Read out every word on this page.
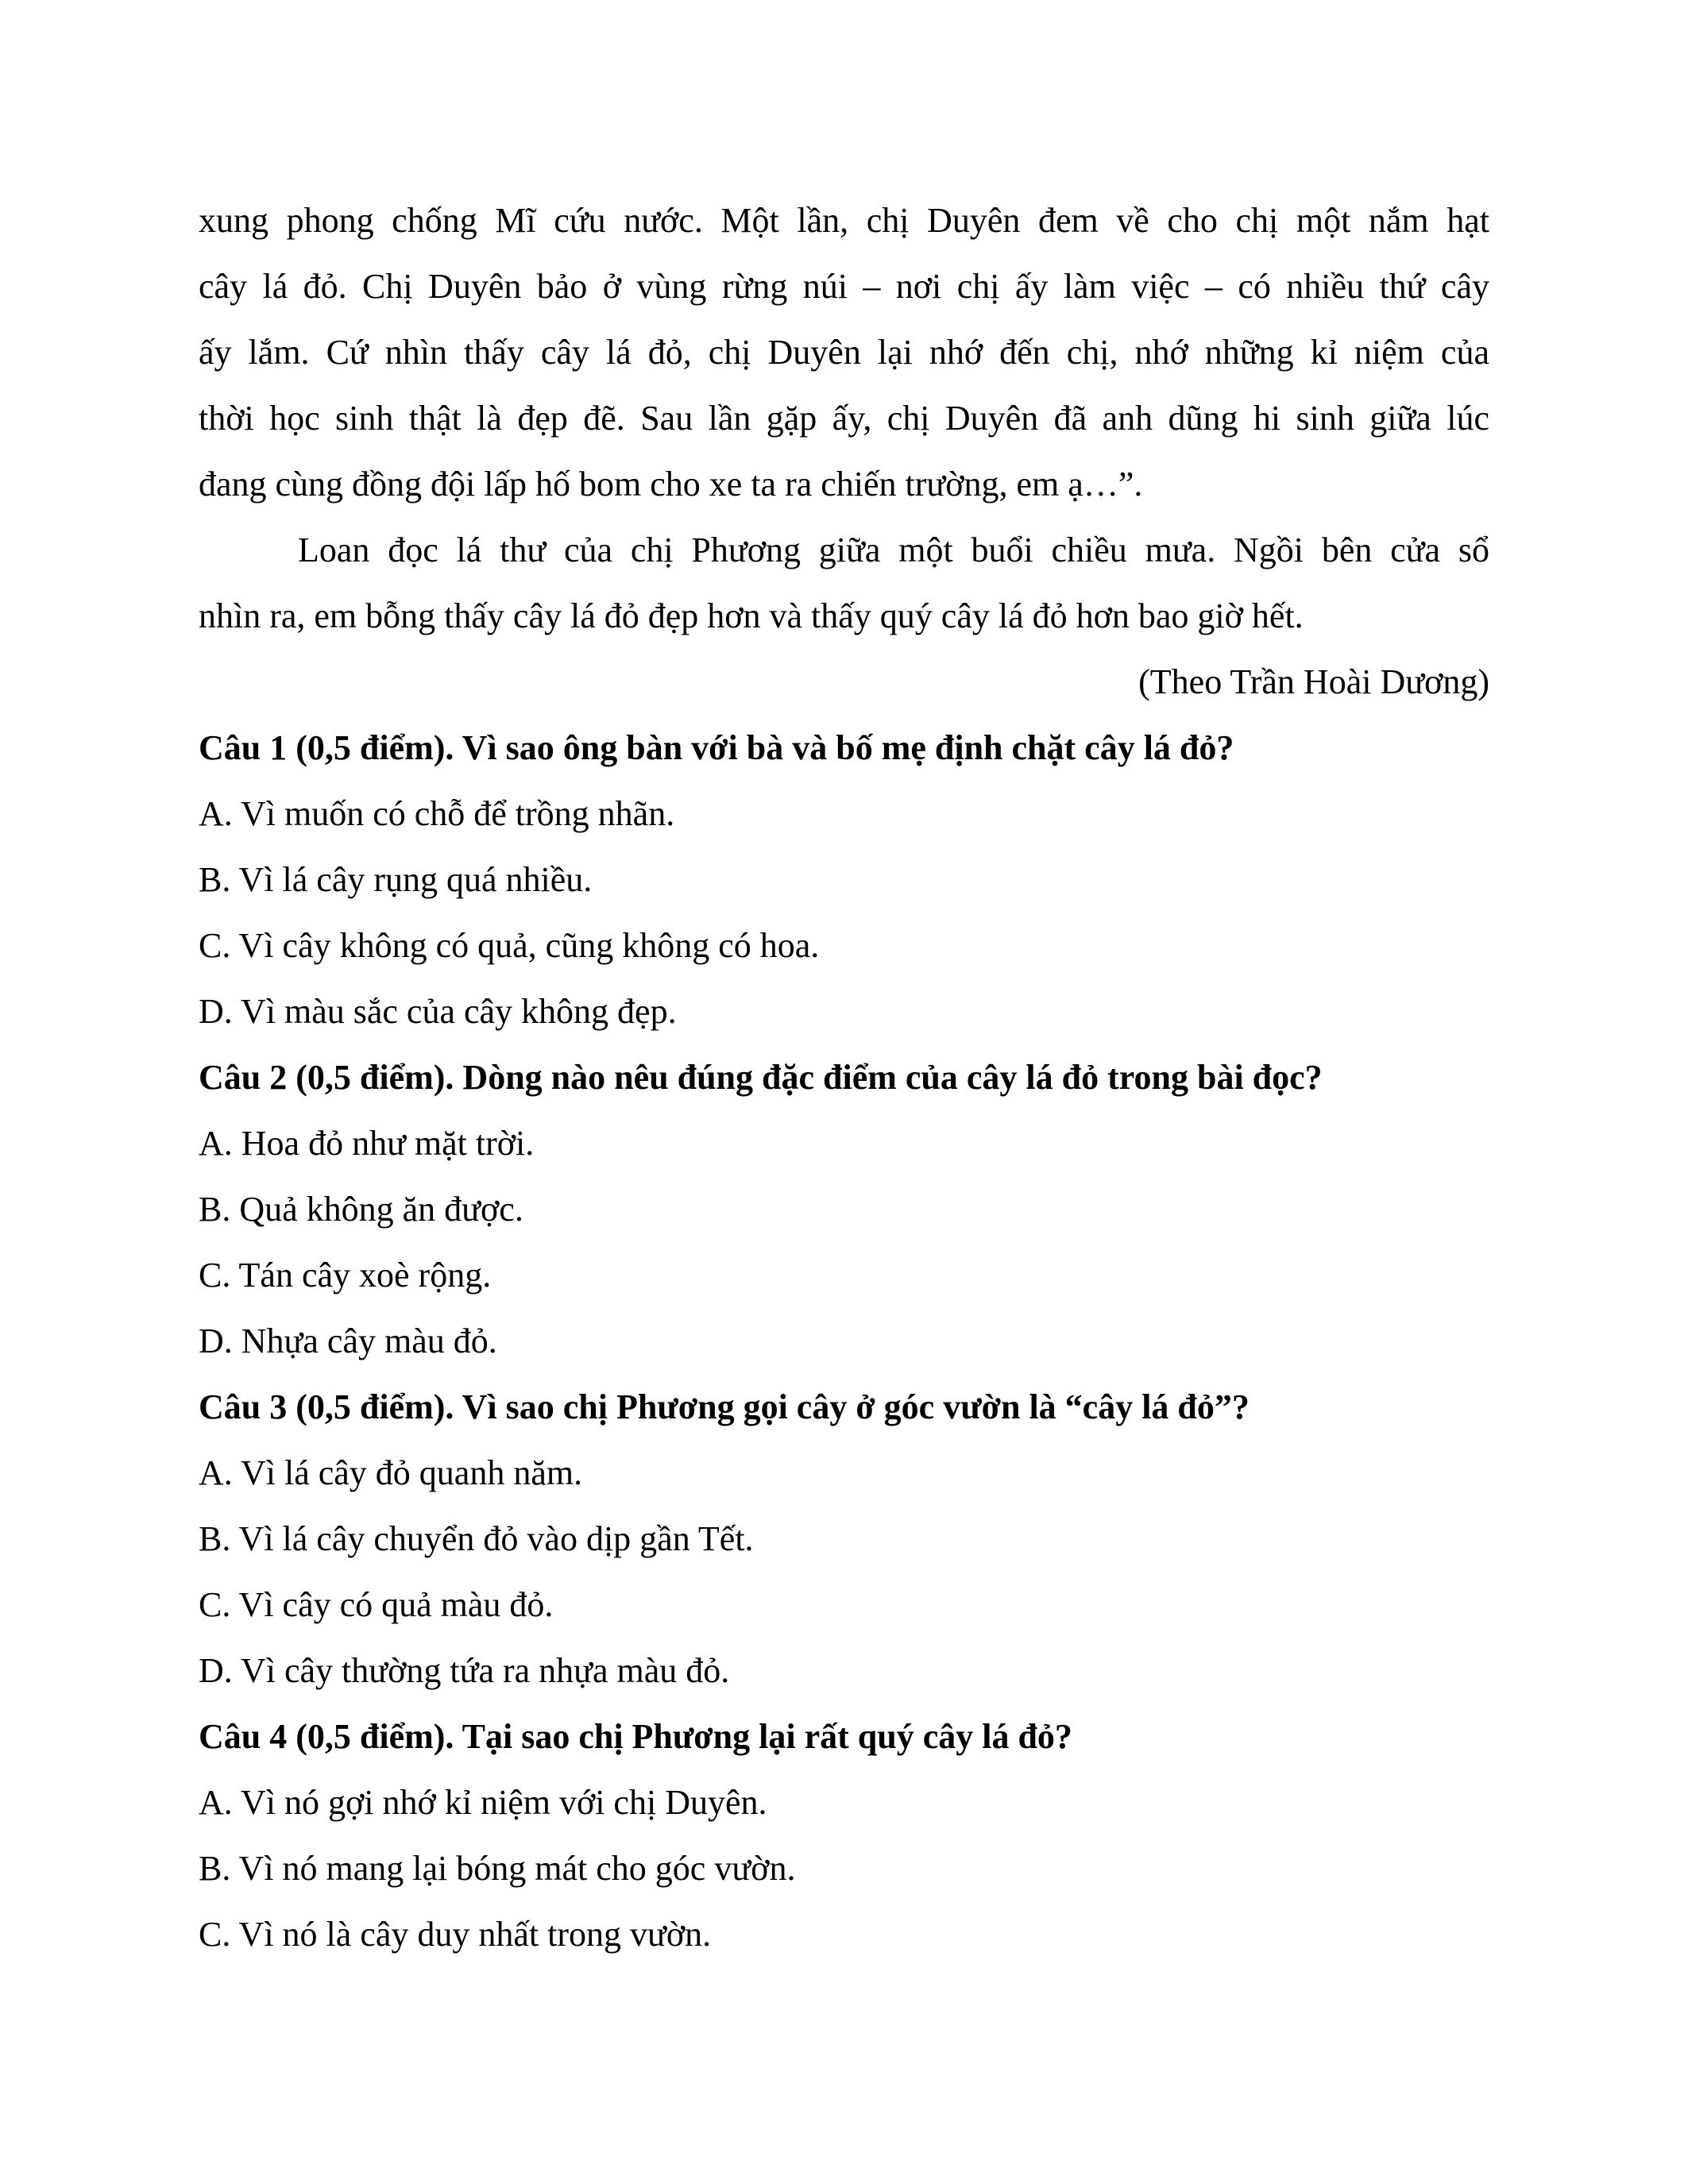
xung phong chống Mĩ cứu nước. Một lần, chị Duyên đem về cho chị một nắm hạt
cây lá đỏ. Chị Duyên bảo ở vùng rừng núi – nơi chị ấy làm việc – có nhiều thứ cây
ấy lắm. Cứ nhìn thấy cây lá đỏ, chị Duyên lại nhớ đến chị, nhớ những kỉ niệm của
thời học sinh thật là đẹp đẽ. Sau lần gặp ấy, chị Duyên đã anh dũng hi sinh giữa lúc
đang cùng đồng đội lấp hố bom cho xe ta ra chiến trường, em ạ…”.
Loan đọc lá thư của chị Phương giữa một buổi chiều mưa. Ngồi bên cửa sổ
nhìn ra, em bỗng thấy cây lá đỏ đẹp hơn và thấy quý cây lá đỏ hơn bao giờ hết.
(Theo Trần Hoài Dương)
Câu 1 (0,5 điểm). Vì sao ông bàn với bà và bố mẹ định chặt cây lá đỏ?
A. Vì muốn có chỗ để trồng nhãn.
B. Vì lá cây rụng quá nhiều.
C. Vì cây không có quả, cũng không có hoa.
D. Vì màu sắc của cây không đẹp.
Câu 2 (0,5 điểm). Dòng nào nêu đúng đặc điểm của cây lá đỏ trong bài đọc?
A. Hoa đỏ như mặt trời.
B. Quả không ăn được.
C. Tán cây xoè rộng.
D. Nhựa cây màu đỏ.
Câu 3 (0,5 điểm). Vì sao chị Phương gọi cây ở góc vườn là “cây lá đỏ”?
A. Vì lá cây đỏ quanh năm.
B. Vì lá cây chuyển đỏ vào dịp gần Tết.
C. Vì cây có quả màu đỏ.
D. Vì cây thường tứa ra nhựa màu đỏ.
Câu 4 (0,5 điểm). Tại sao chị Phương lại rất quý cây lá đỏ?
A. Vì nó gợi nhớ kỉ niệm với chị Duyên.
B. Vì nó mang lại bóng mát cho góc vườn.
C. Vì nó là cây duy nhất trong vườn.
